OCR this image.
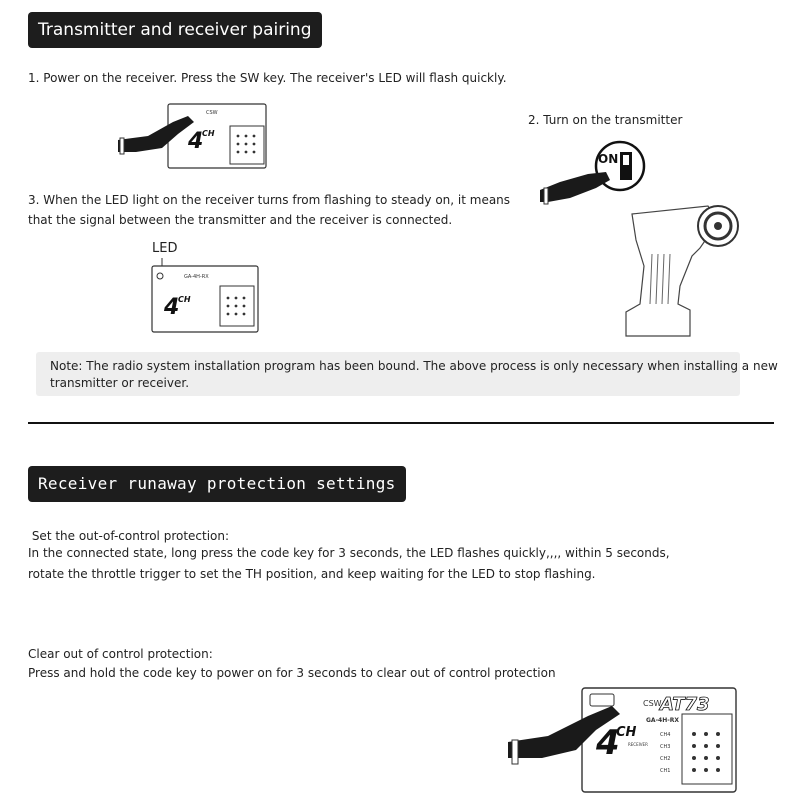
Transmitter and receiver pairing
1. Power on the receiver. Press the SW key. The receiver's LED will flash quickly.
CSW
4
CH
2. Turn on the transmitter
ON
3. When the LED light on the receiver turns from flashing to steady on, it means
that the signal between the transmitter and the receiver is connected.
LED
GA-4H-RX
4
CH
Note: The radio system installation program has been bound. The above process is only necessary when installing a new
transmitter or receiver.
Receiver runaway protection settings
Set the out-of-control protection:
In the connected state, long press the code key for 3 seconds, the LED flashes quickly,,,, within 5 seconds,
rotate the throttle trigger to set the TH position, and keep waiting for the LED to stop flashing.
Clear out of control protection:
Press and hold the code key to power on for 3 seconds to clear out of control protection
CSW
GA-4H-RX
4
CH
RECEIVER
CH4
CH3
CH2
CH1
AT73
